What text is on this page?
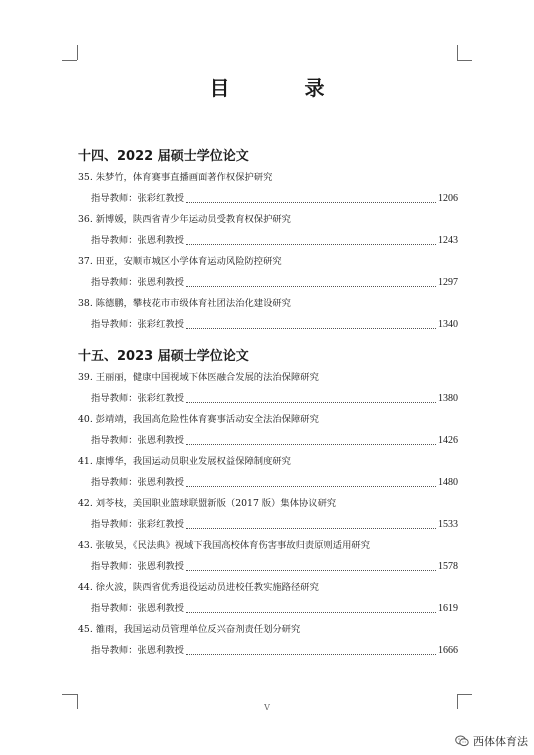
目 录
十四、2022 届硕士学位论文
35. 朱梦竹，体育赛事直播画面著作权保护研究
指导教师：张彩红教授	1206
36. 新博媛，陕西省青少年运动员受教育权保护研究
指导教师：张恩利教授	1243
37. 田亚，安顺市城区小学体育运动风险防控研究
指导教师：张恩利教授	1297
38. 陈德鹏，攀枝花市市级体育社团法治化建设研究
指导教师：张彩红教授	1340
十五、2023 届硕士学位论文
39. 王丽丽，健康中国视域下体医融合发展的法治保障研究
指导教师：张彩红教授	1380
40. 彭靖靖，我国高危险性体育赛事活动安全法治保障研究
指导教师：张恩利教授	1426
41. 康博华，我国运动员职业发展权益保障制度研究
指导教师：张恩利教授	1480
42. 刘苓枝，美国职业篮球联盟新版（2017 版）集体协议研究
指导教师：张彩红教授	1533
43. 张敏昊，《民法典》视域下我国高校体育伤害事故归责原则适用研究
指导教师：张恩利教授	1578
44. 徐火波，陕西省优秀退役运动员进校任教实施路径研究
指导教师：张恩利教授	1619
45. 雒雨，我国运动员管理单位反兴奋剂责任划分研究
指导教师：张恩利教授	1666
V
西体体育法
